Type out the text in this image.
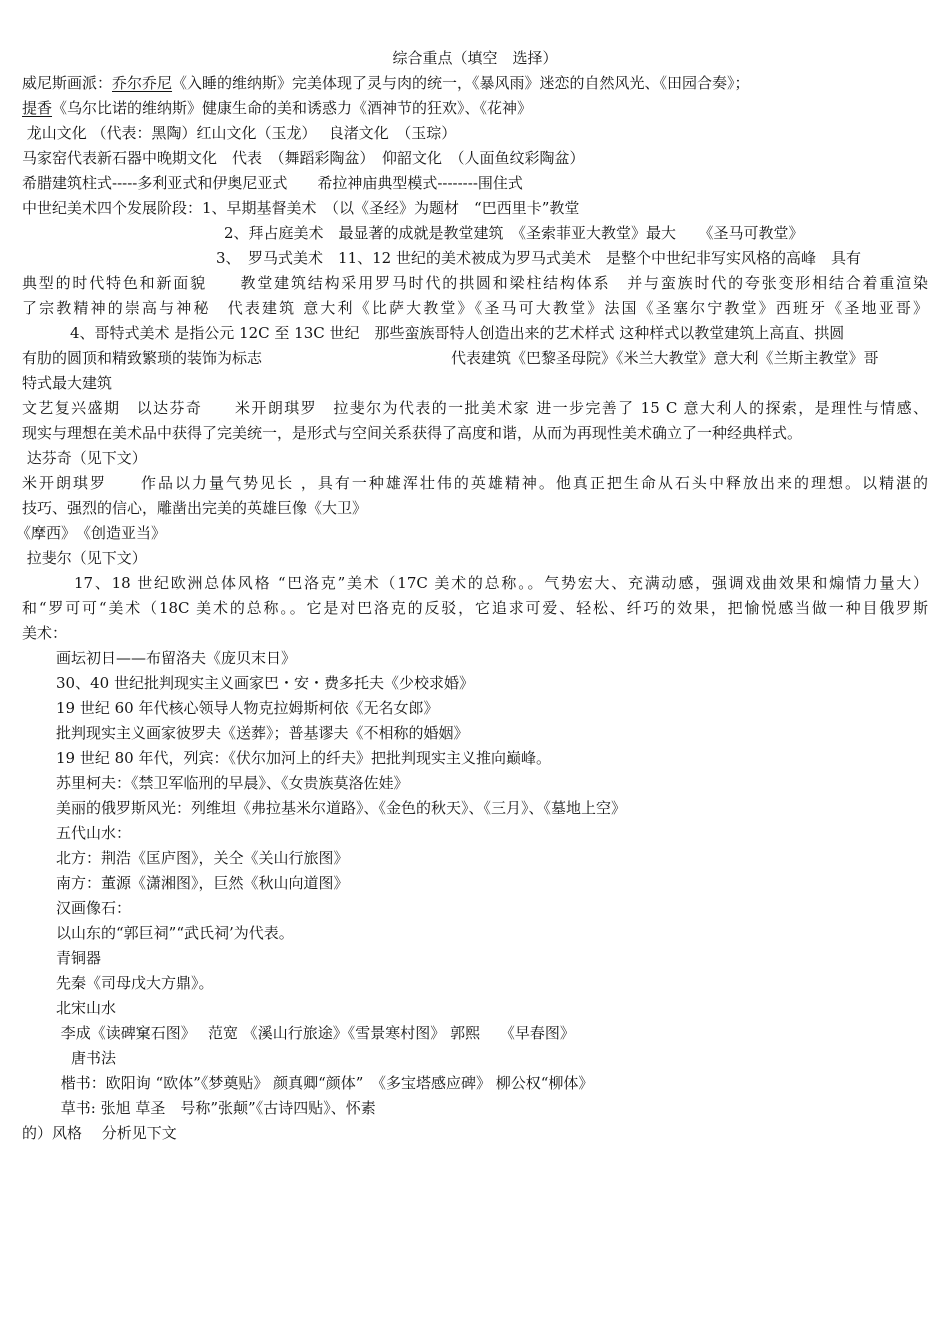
综合重点（填空　选择）
威尼斯画派：乔尔乔尼《入睡的维纳斯》完美体现了灵与肉的统一，《暴风雨》迷恋的自然风光、《田园合奏》；
提香《乌尔比诺的维纳斯》健康生命的美和诱惑力《酒神节的狂欢》、《花神》
龙山文化 （代表：黑陶）红山文化（玉龙）　 良渚文化　（玉琮）
马家窑代表新石器中晚期文化　代表　（舞蹈彩陶盆）　仰韶文化　（人面鱼纹彩陶盆）
希腊建筑柱式-----多利亚式和伊奥尼亚式　　希拉神庙典型模式--------围住式
中世纪美术四个发展阶段：1、早期基督美术　（以《圣经》为题材　“巴西里卡”教堂
2、拜占庭美术　最显著的成就是教堂建筑　《圣索菲亚大教堂》最大　　《圣马可教堂》
3、　罗马式美术　11、12 世纪的美术被成为罗马式美术　是整个中世纪非写实风格的高峰　具有
典型的时代特色和新面貌　　教堂建筑结构采用罗马时代的拱圆和梁柱结构体系　并与蛮族时代的夸张变形相结合着重渲染
了宗教精神的崇高与神秘　代表建筑 意大利《比萨大教堂》《圣马可大教堂》法国《圣塞尔宁教堂》西班牙《圣地亚哥》
4、哥特式美术 是指公元 12C 至 13C 世纪　那些蛮族哥特人创造出来的艺术样式 这种样式以教堂建筑上高直、拱圆
有肋的圆顶和精致繁琐的装饰为标志	代表建筑《巴黎圣母院》《米兰大教堂》意大利《兰斯主教堂》哥
特式最大建筑
文艺复兴盛期　以达芬奇　　米开朗琪罗　拉斐尔为代表的一批美术家 进一步完善了 15 C 意大利人的探索，是理性与情感、
现实与理想在美术品中获得了完美统一，是形式与空间关系获得了高度和谐，从而为再现性美术确立了一种经典样式。
达芬奇（见下文）
米开朗琪罗　　作品以力量气势见长 ，具有一种雄浑壮伟的英雄精神。他真正把生命从石头中释放出来的理想。以精湛的
技巧、强烈的信心，雕凿出完美的英雄巨像《大卫》
《摩西》　《创造亚当》
拉斐尔（见下文）
17、18 世纪欧洲总体风格 “巴洛克”美术（17C 美术的总称。。气势宏大、充满动感，强调戏曲效果和煽情力量大）
和“罗可可“美术（18C 美术的总称。。它是对巴洛克的反驳，它追求可爱、轻松、纤巧的效果，把愉悦感当做一种目俄罗斯
美术：
画坛初日——布留洛夫《庞贝末日》
30、40 世纪批判现实主义画家巴・安・费多托夫《少校求婚》
19 世纪 60 年代核心领导人物克拉姆斯柯依《无名女郎》
批判现实主义画家彼罗夫《送葬》；普基谬夫《不相称的婚姻》
19 世纪 80 年代，列宾：《伏尔加河上的纤夫》把批判现实主义推向巅峰。
苏里柯夫：《禁卫军临刑的早晨》、《女贵族莫洛佐娃》
美丽的俄罗斯风光：列维坦《弗拉基米尔道路》、《金色的秋天》、《三月》、《墓地上空》
五代山水：
北方：荆浩《匡庐图》，关仝《关山行旅图》
南方：董源《潇湘图》，巨然《秋山向道图》
汉画像石：
以山东的“郭巨祠”“武氏祠’为代表。
青铜器
先秦《司母戊大方鼎》。
北宋山水
李成《读碑窠石图》　 范宽 《溪山行旅途》《雪景寒村图》 郭熙　 《早春图》
　唐书法
楷书：欧阳询 “欧体”《梦奠贴》 颜真卿“颜体”　《多宝塔感应碑》 柳公权“柳体》
草书: 张旭 草圣　号称”张颠”《古诗四贴》、怀素
的）风格　 分析见下文
